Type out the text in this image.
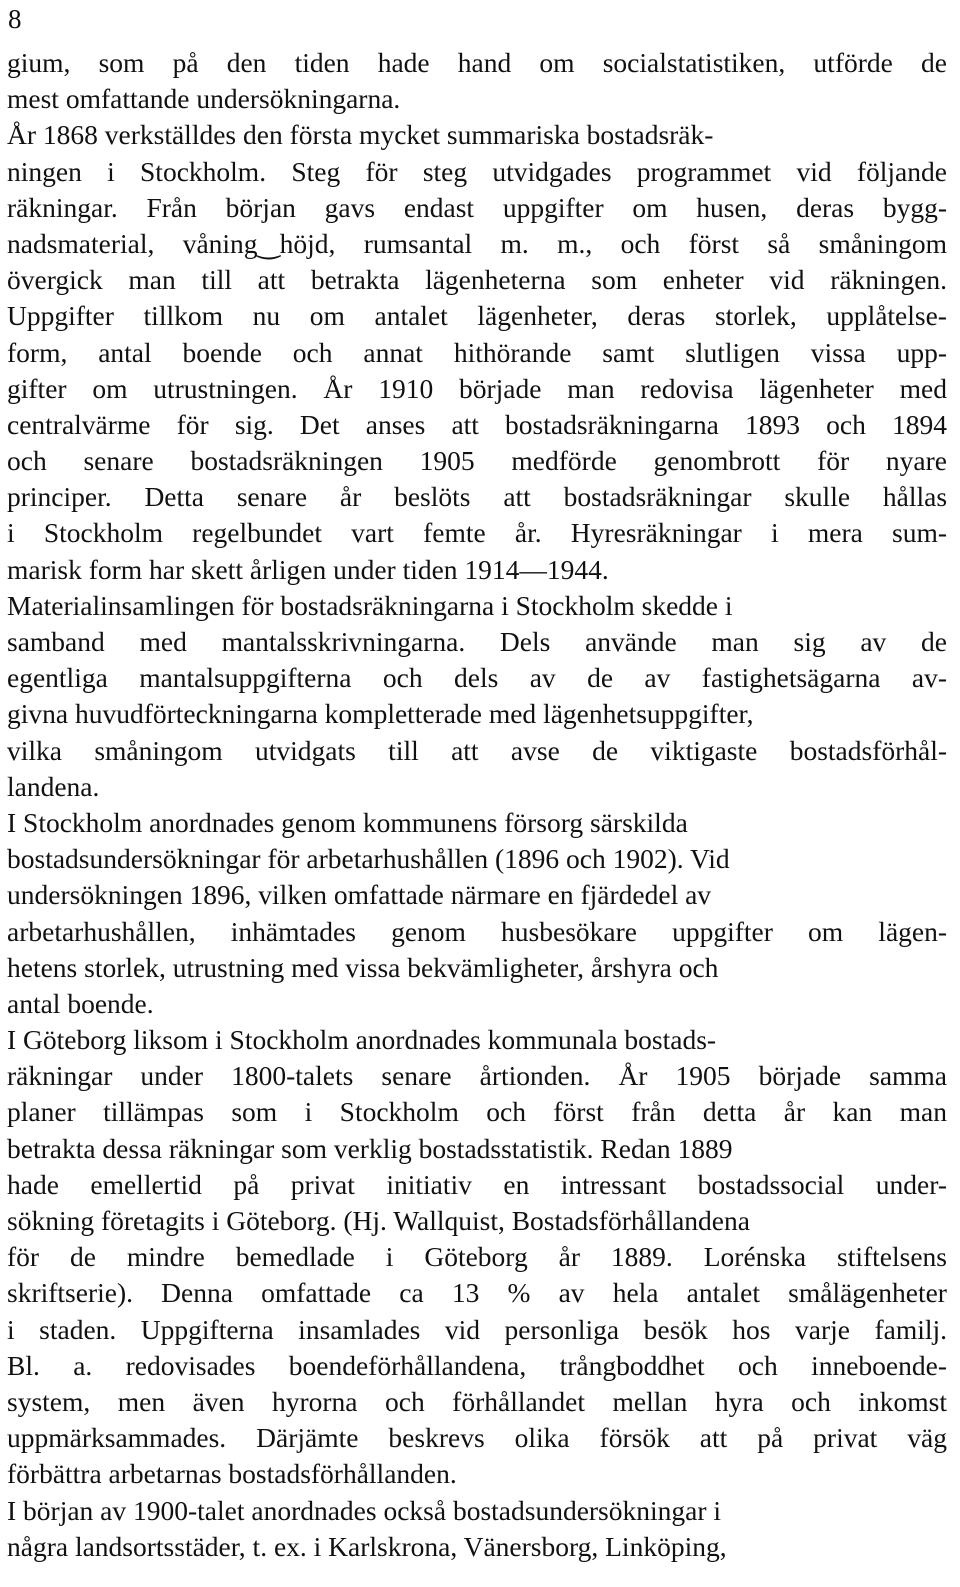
8
gium, som på den tiden hade hand om socialstatistiken, utförde de
mest omfattande undersökningarna.
År 1868 verkställdes den första mycket summariska bostadsräk-
ningen i Stockholm. Steg för steg utvidgades programmet vid följande
räkningar. Från början gavs endast uppgifter om husen, deras bygg-
nadsmaterial, våning‿höjd, rumsantal m. m., och först så småningom
övergick man till att betrakta lägenheterna som enheter vid räkningen.
Uppgifter tillkom nu om antalet lägenheter, deras storlek, upplåtelse-
form, antal boende och annat hithörande samt slutligen vissa upp-
gifter om utrustningen. År 1910 började man redovisa lägenheter med
centralvärme för sig. Det anses att bostadsräkningarna 1893 och 1894
och senare bostadsräkningen 1905 medförde genombrott för nyare
principer. Detta senare år beslöts att bostadsräkningar skulle hållas
i Stockholm regelbundet vart femte år. Hyresräkningar i mera sum-
marisk form har skett årligen under tiden 1914—1944.
Materialinsamlingen för bostadsräkningarna i Stockholm skedde i
samband med mantalsskrivningarna. Dels använde man sig av de
egentliga mantalsuppgifterna och dels av de av fastighetsägarna av-
givna huvudförteckningarna kompletterade med lägenhetsuppgifter,
vilka småningom utvidgats till att avse de viktigaste bostadsförhål-
landena.
I Stockholm anordnades genom kommunens försorg särskilda
bostadsundersökningar för arbetarhushållen (1896 och 1902). Vid
undersökningen 1896, vilken omfattade närmare en fjärdedel av
arbetarhushållen, inhämtades genom husbesökare uppgifter om lägen-
hetens storlek, utrustning med vissa bekvämligheter, årshyra och
antal boende.
I Göteborg liksom i Stockholm anordnades kommunala bostads-
räkningar under 1800-talets senare årtionden. År 1905 började samma
planer tillämpas som i Stockholm och först från detta år kan man
betrakta dessa räkningar som verklig bostadsstatistik. Redan 1889
hade emellertid på privat initiativ en intressant bostadssocial under-
sökning företagits i Göteborg. (Hj. Wallquist, Bostadsförhållandena
för de mindre bemedlade i Göteborg år 1889. Lorénska stiftelsens
skriftserie). Denna omfattade ca 13 % av hela antalet smålägenheter
i staden. Uppgifterna insamlades vid personliga besök hos varje familj.
Bl. a. redovisades boendeförhållandena, trångboddhet och inneboende-
system, men även hyrorna och förhållandet mellan hyra och inkomst
uppmärksammades. Därjämte beskrevs olika försök att på privat väg
förbättra arbetarnas bostadsförhållanden.
I början av 1900-talet anordnades också bostadsundersökningar i
några landsortsstäder, t. ex. i Karlskrona, Vänersborg, Linköping,
